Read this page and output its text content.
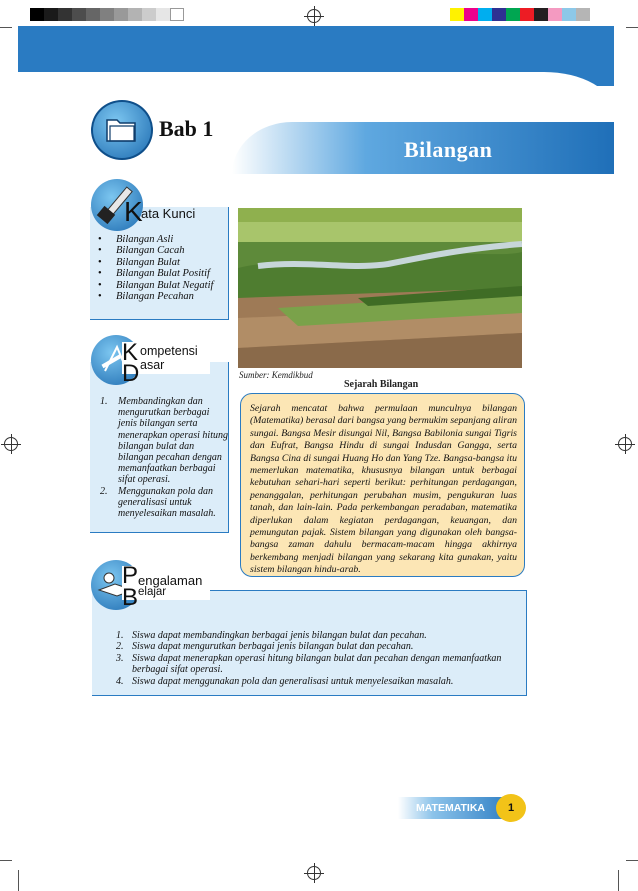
Bab 1
Bilangan
K
ata Kunci
• Bilangan Asli
• Bilangan Cacah
• Bilangan Bulat
• Bilangan Bulat Positif
• Bilangan Bulat Negatif
• Bilangan Pecahan
Sumber: Kemdikbud
Sejarah Bilangan
K ompetensi
D asar
1.	Membandingkan dan mengurutkan berbagai jenis bilangan serta menerapkan operasi hitung bilangan bulat dan bilangan pecahan dengan memanfaatkan berbagai sifat operasi.
2.	Menggunakan pola dan generalisasi untuk menyelesaikan masalah.
Sejarah mencatat bahwa permulaan munculnya bilangan (Matematika) berasal dari bangsa yang bermukim sepanjang aliran sungai. Bangsa Mesir disungai Nil, Bangsa Babilonia sungai Tigris dan Eufrat, Bangsa Hindu di sungai Indusdan Gangga, serta Bangsa Cina di sungai Huang Ho dan Yang Tze. Bangsa-bangsa itu memerlukan matematika, khususnya bilangan untuk berbagai kebutuhan sehari-hari seperti berikut: perhitungan perdagangan, penanggalan, perhitungan perubahan musim, pengukuran luas tanah, dan lain-lain. Pada perkembangan peradaban, matematika diperlukan dalam kegiatan perdagangan, keuangan, dan pemungutan pajak. Sistem bilangan yang digunakan oleh bangsa-bangsa zaman dahulu bermacam-macam hingga akhirnya berkembang menjadi bilangan yang sekarang kita gunakan, yaitu sistem bilangan hindu-arab.
P engalaman
B elajar
1. Siswa dapat membandingkan berbagai jenis bilangan bulat dan pecahan.
2. Siswa dapat mengurutkan berbagai jenis bilangan bulat dan pecahan.
3. Siswa dapat menerapkan operasi hitung bilangan bulat dan pecahan dengan memanfaatkan berbagai sifat operasi.
4. Siswa dapat menggunakan pola dan generalisasi untuk menyelesaikan masalah.
MATEMATIKA	1
